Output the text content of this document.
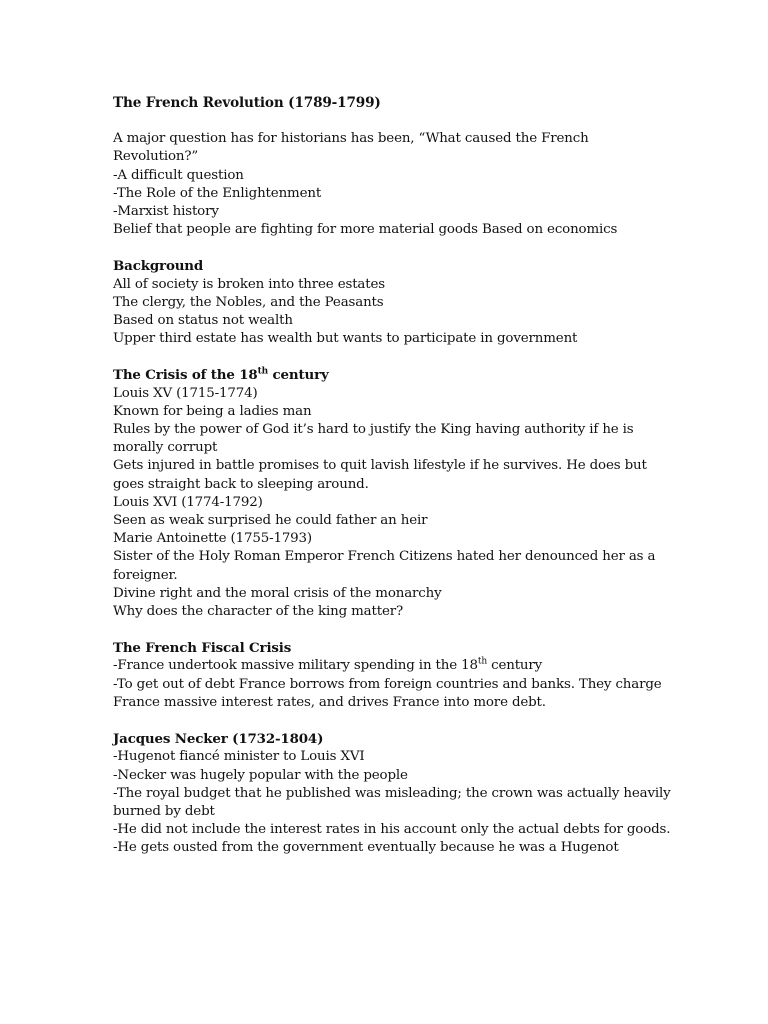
The French Revolution (1789-1799)

A major question has for historians has been, “What caused the French Revolution?”

-A difficult question

-The Role of the Enlightenment

-Marxist history

Belief that people are fighting for more material goods Based on economics

Background

All of society is broken into three estates

The clergy, the Nobles, and the Peasants

Based on status not wealth

Upper third estate has wealth but wants to participate in government

The Crisis of the 18th century

Louis XV (1715-1774)

Known for being a ladies man

Rules by the power of God it’s hard to justify the King having authority if he is morally corrupt

Gets injured in battle promises to quit lavish lifestyle if he survives. He does but goes straight back to sleeping around.

Louis XVI (1774-1792)

Seen as weak surprised he could father an heir

Marie Antoinette (1755-1793)

Sister of the Holy Roman Emperor French Citizens hated her denounced her as a foreigner.

Divine right and the moral crisis of the monarchy

Why does the character of the king matter?

The French Fiscal Crisis

-France undertook massive military spending in the 18th century

-To get out of debt France borrows from foreign countries and banks. They charge France massive interest rates, and drives France into more debt.

Jacques Necker (1732-1804)

-Hugenot fiancé minister to Louis XVI

-Necker was hugely popular with the people

-The royal budget that he published was misleading; the crown was actually heavily burned by debt

-He did not include the interest rates in his account only the actual debts for goods.

-He gets ousted from the government eventually because he was a Hugenot
